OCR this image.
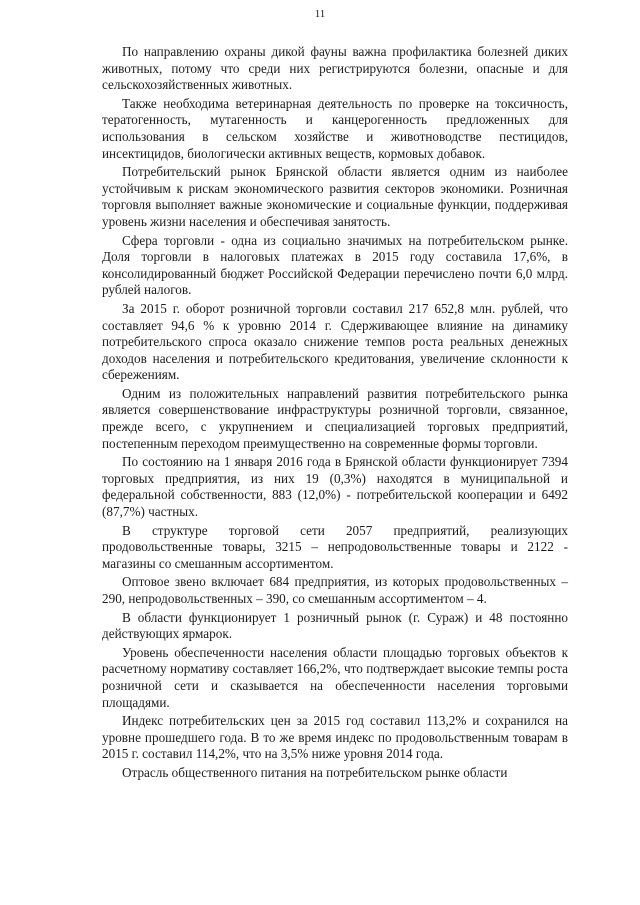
11

По направлению охраны дикой фауны важна профилактика болезней диких животных, потому что среди них регистрируются болезни, опасные и для сельскохозяйственных животных.

Также необходима ветеринарная деятельность по проверке на токсичность, тератогенность, мутагенность и канцерогенность предложенных для использования в сельском хозяйстве и животноводстве пестицидов, инсектицидов, биологически активных веществ, кормовых добавок.

Потребительский рынок Брянской области является одним из наиболее устойчивым к рискам экономического развития секторов экономики. Розничная торговля выполняет важные экономические и социальные функции, поддерживая уровень жизни населения и обеспечивая занятость.

Сфера торговли - одна из социально значимых на потребительском рынке. Доля торговли в налоговых платежах в 2015 году составила 17,6%, в консолидированный бюджет Российской Федерации перечислено почти 6,0 млрд. рублей налогов.

За 2015 г. оборот розничной торговли составил 217 652,8 млн. рублей, что составляет 94,6 % к уровню 2014 г. Сдерживающее влияние на динамику потребительского спроса оказало снижение темпов роста реальных денежных доходов населения и потребительского кредитования, увеличение склонности к сбережениям.

Одним из положительных направлений развития потребительского рынка является совершенствование инфраструктуры розничной торговли, связанное, прежде всего, с укрупнением и специализацией торговых предприятий, постепенным переходом преимущественно на современные формы торговли.

По состоянию на 1 января 2016 года в Брянской области функционирует 7394 торговых предприятия, из них 19 (0,3%) находятся в муниципальной и федеральной собственности, 883 (12,0%) - потребительской кооперации и 6492 (87,7%) частных.

В структуре торговой сети 2057 предприятий, реализующих продовольственные товары, 3215 – непродовольственные товары и 2122 - магазины со смешанным ассортиментом.

Оптовое звено включает 684 предприятия, из которых продовольственных – 290, непродовольственных – 390, со смешанным ассортиментом – 4.

В области функционирует 1 розничный рынок (г. Сураж) и 48 постоянно действующих ярмарок.

Уровень обеспеченности населения области площадью торговых объектов к расчетному нормативу составляет 166,2%, что подтверждает высокие темпы роста розничной сети и сказывается на обеспеченности населения торговыми площадями.

Индекс потребительских цен за 2015 год составил 113,2% и сохранился на уровне прошедшего года. В то же время индекс по продовольственным товарам в 2015 г. составил 114,2%, что на 3,5% ниже уровня 2014 года.

Отрасль общественного питания на потребительском рынке области
